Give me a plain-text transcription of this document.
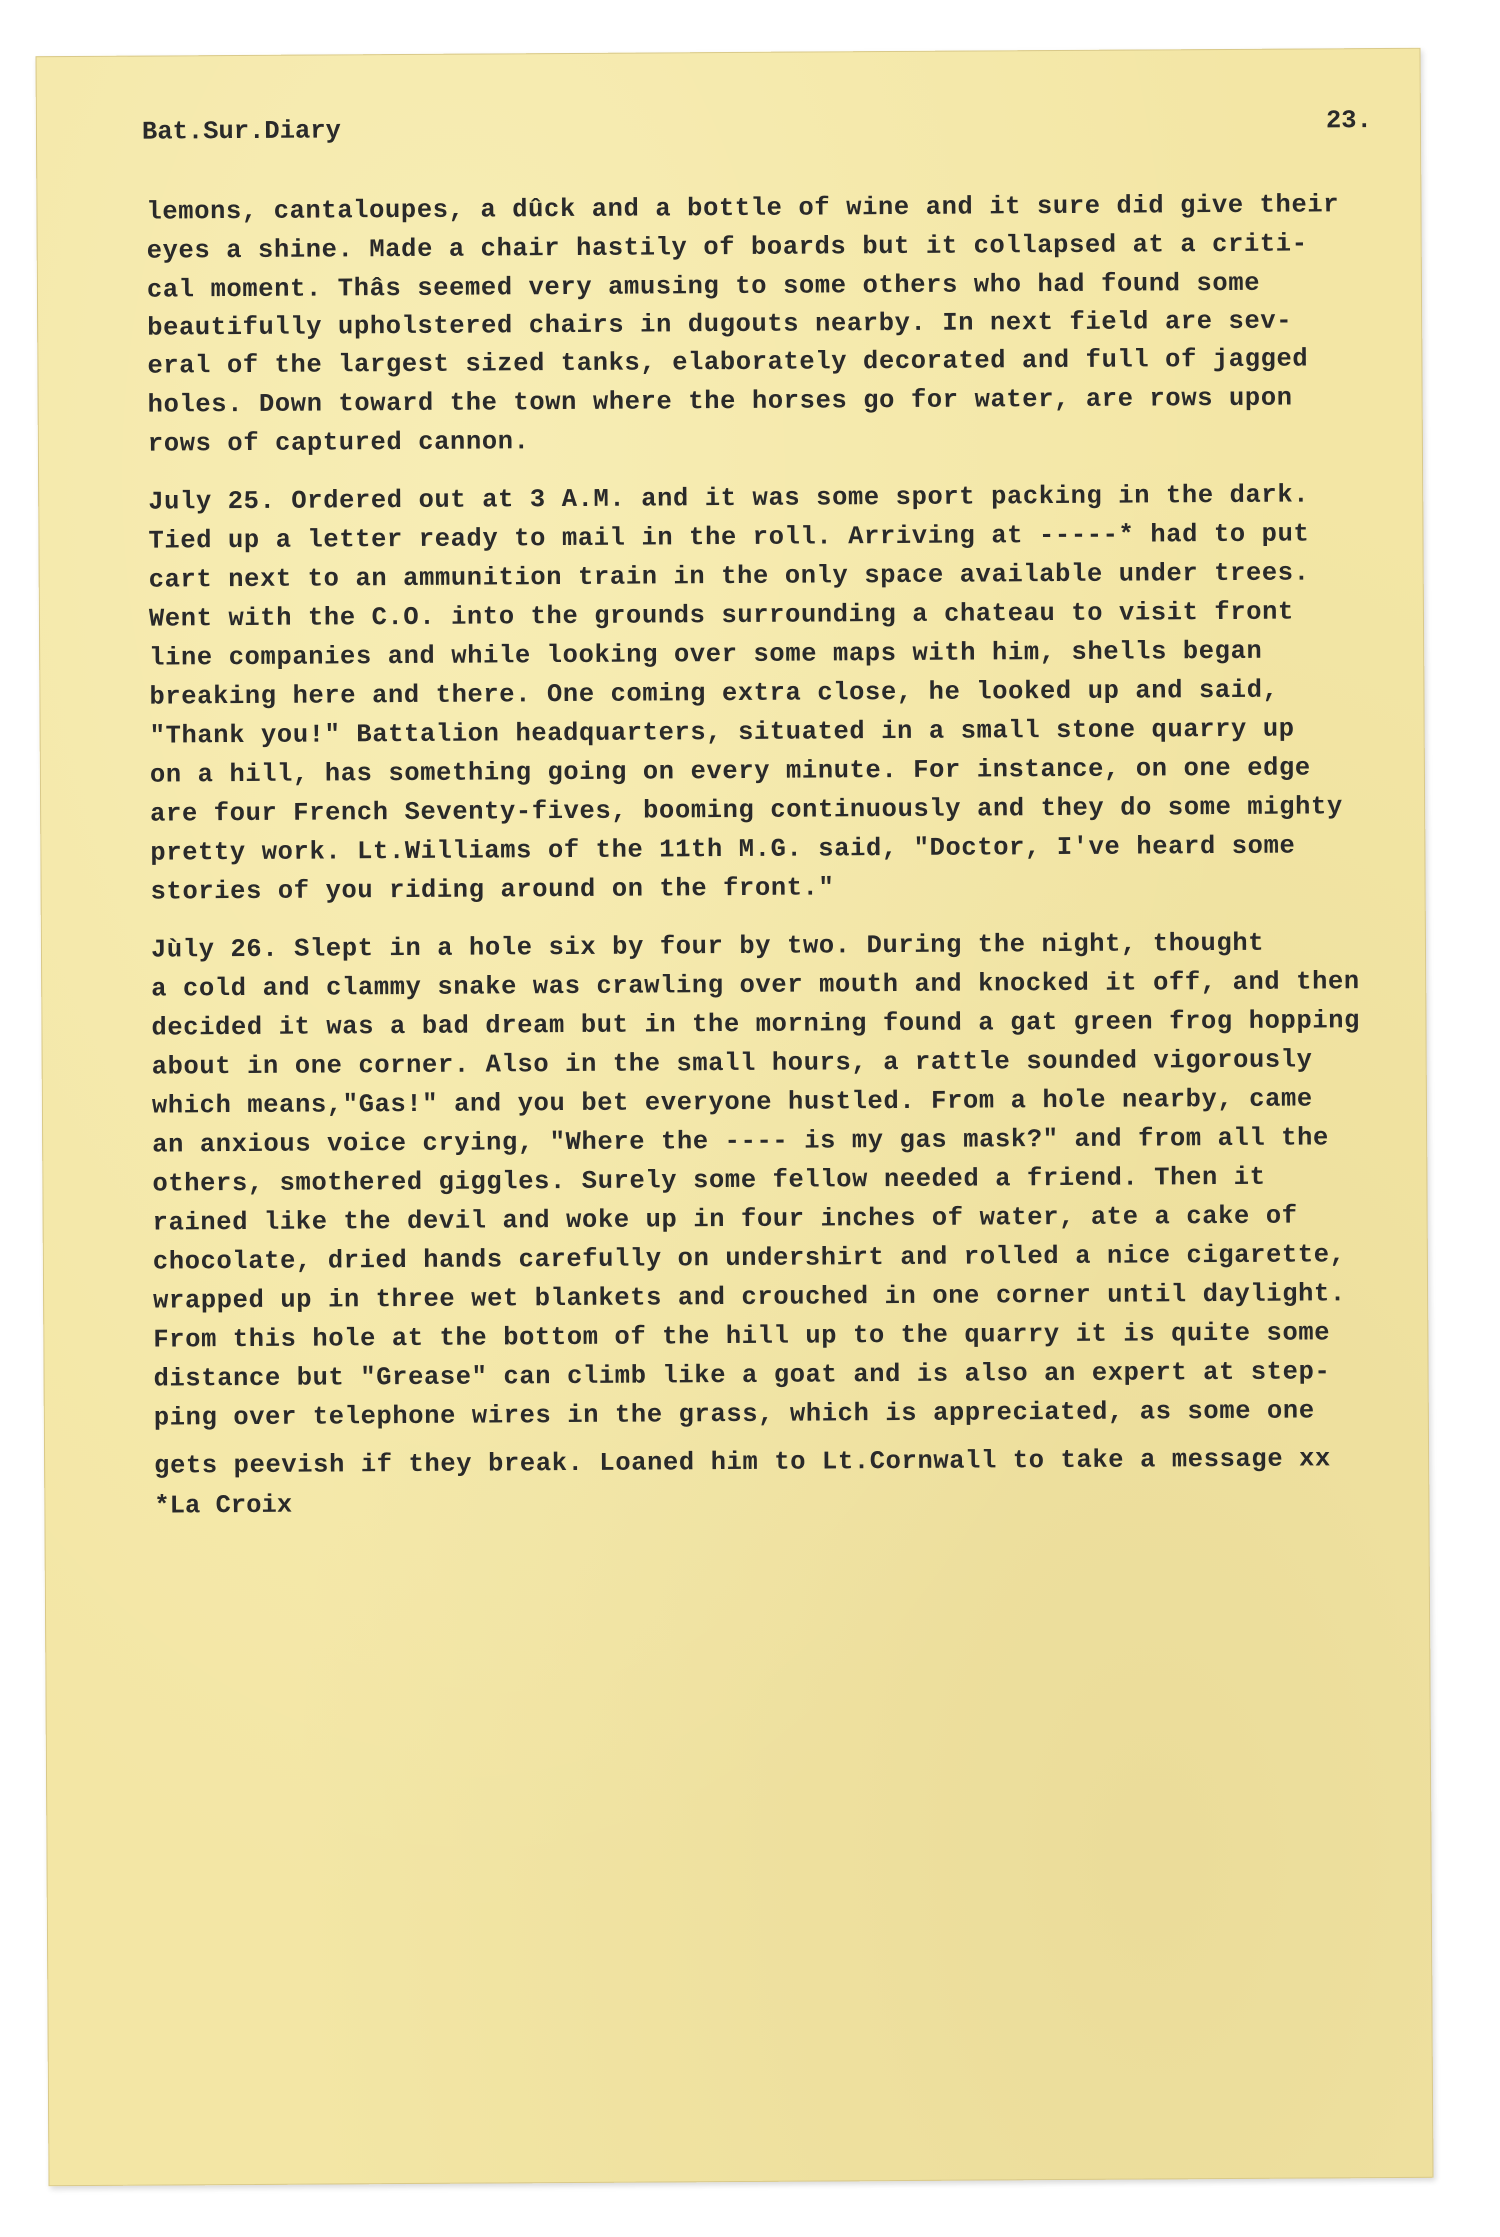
Bat.Sur.Diary	23.
lemons, cantaloupes, a dûck and a bottle of wine and it sure did give their
eyes a shine. Made a chair hastily of boards but it collapsed at a criti-
cal moment. Thâs seemed very amusing to some others who had found some
beautifully upholstered chairs in dugouts nearby. In next field are sev-
eral of the largest sized tanks, elaborately decorated and full of jagged
holes. Down toward the town where the horses go for water, are rows upon
rows of captured cannon.
July 25. Ordered out at 3 A.M. and it was some sport packing in the dark.
Tied up a letter ready to mail in the roll. Arriving at -----* had to put
cart next to an ammunition train in the only space available under trees.
Went with the C.O. into the grounds surrounding a chateau to visit front
line companies and while looking over some maps with him, shells began
breaking here and there. One coming extra close, he looked up and said,
"Thank you!" Battalion headquarters, situated in a small stone quarry up
on a hill, has something going on every minute. For instance, on one edge
are four French Seventy-fives, booming continuously and they do some mighty
pretty work. Lt.Williams of the 11th M.G. said, "Doctor, I've heard some
stories of you riding around on the front."
Jùly 26. Slept in a hole six by four by two. During the night, thought
a cold and clammy snake was crawling over mouth and knocked it off, and then
decided it was a bad dream but in the morning found a gat green frog hopping
about in one corner. Also in the small hours, a rattle sounded vigorously
which means,"Gas!" and you bet everyone hustled. From a hole nearby, came
an anxious voice crying, "Where the ---- is my gas mask?" and from all the
others, smothered giggles. Surely some fellow needed a friend. Then it
rained like the devil and woke up in four inches of water, ate a cake of
chocolate, dried hands carefully on undershirt and rolled a nice cigarette,
wrapped up in three wet blankets and crouched in one corner until daylight.
From this hole at the bottom of the hill up to the quarry it is quite some
distance but "Grease" can climb like a goat and is also an expert at step-
ping over telephone wires in the grass, which is appreciated, as some one
gets peevish if they break. Loaned him to Lt.Cornwall to take a message xx
*La Croix
